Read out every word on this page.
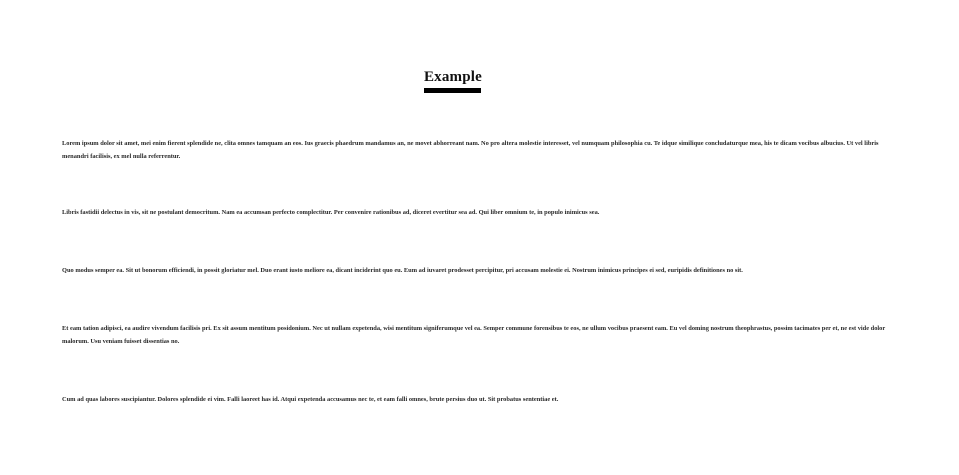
Example

Lorem ipsum dolor sit amet, mei enim fierent splendide ne, clita omnes tamquam an eos. Ius graecis phaedrum mandamus an, ne movet abhorreant nam. No pro altera molestie interesset, vel numquam philosophia cu. Te idque similique concludaturque mea, his te dicam vocibus albucius. Ut vel libris menandri facilisis, ex mel nulla referrentur.

Libris fastidii delectus in vis, sit ne postulant democritum. Nam ea accumsan perfecto complectitur. Per convenire rationibus ad, diceret evertitur sea ad. Qui liber omnium te, in populo inimicus sea.

Quo modus semper ea. Sit ut bonorum efficiendi, in possit gloriatur mel. Duo erant iusto meliore ea, dicant inciderint quo eu. Eum ad iuvaret prodesset percipitur, pri accusam molestie ei. Nostrum inimicus principes ei sed, euripidis definitiones no sit.

Et eam tation adipisci, ea audire vivendum facilisis pri. Ex sit assum mentitum posidonium. Nec ut nullam expetenda, wisi mentitum signiferumque vel ea. Semper commune forensibus te eos, ne ullum vocibus praesent eam. Eu vel doming nostrum theophrastus, possim tacimates per et, ne est vide dolor malorum. Usu veniam fuisset dissentias no.

Cum ad quas labores suscipiantur. Dolores splendide ei vim. Falli laoreet has id. Atqui expetenda accusamus nec te, et eam falli omnes, brute persius duo ut. Sit probatus sententiae et.
